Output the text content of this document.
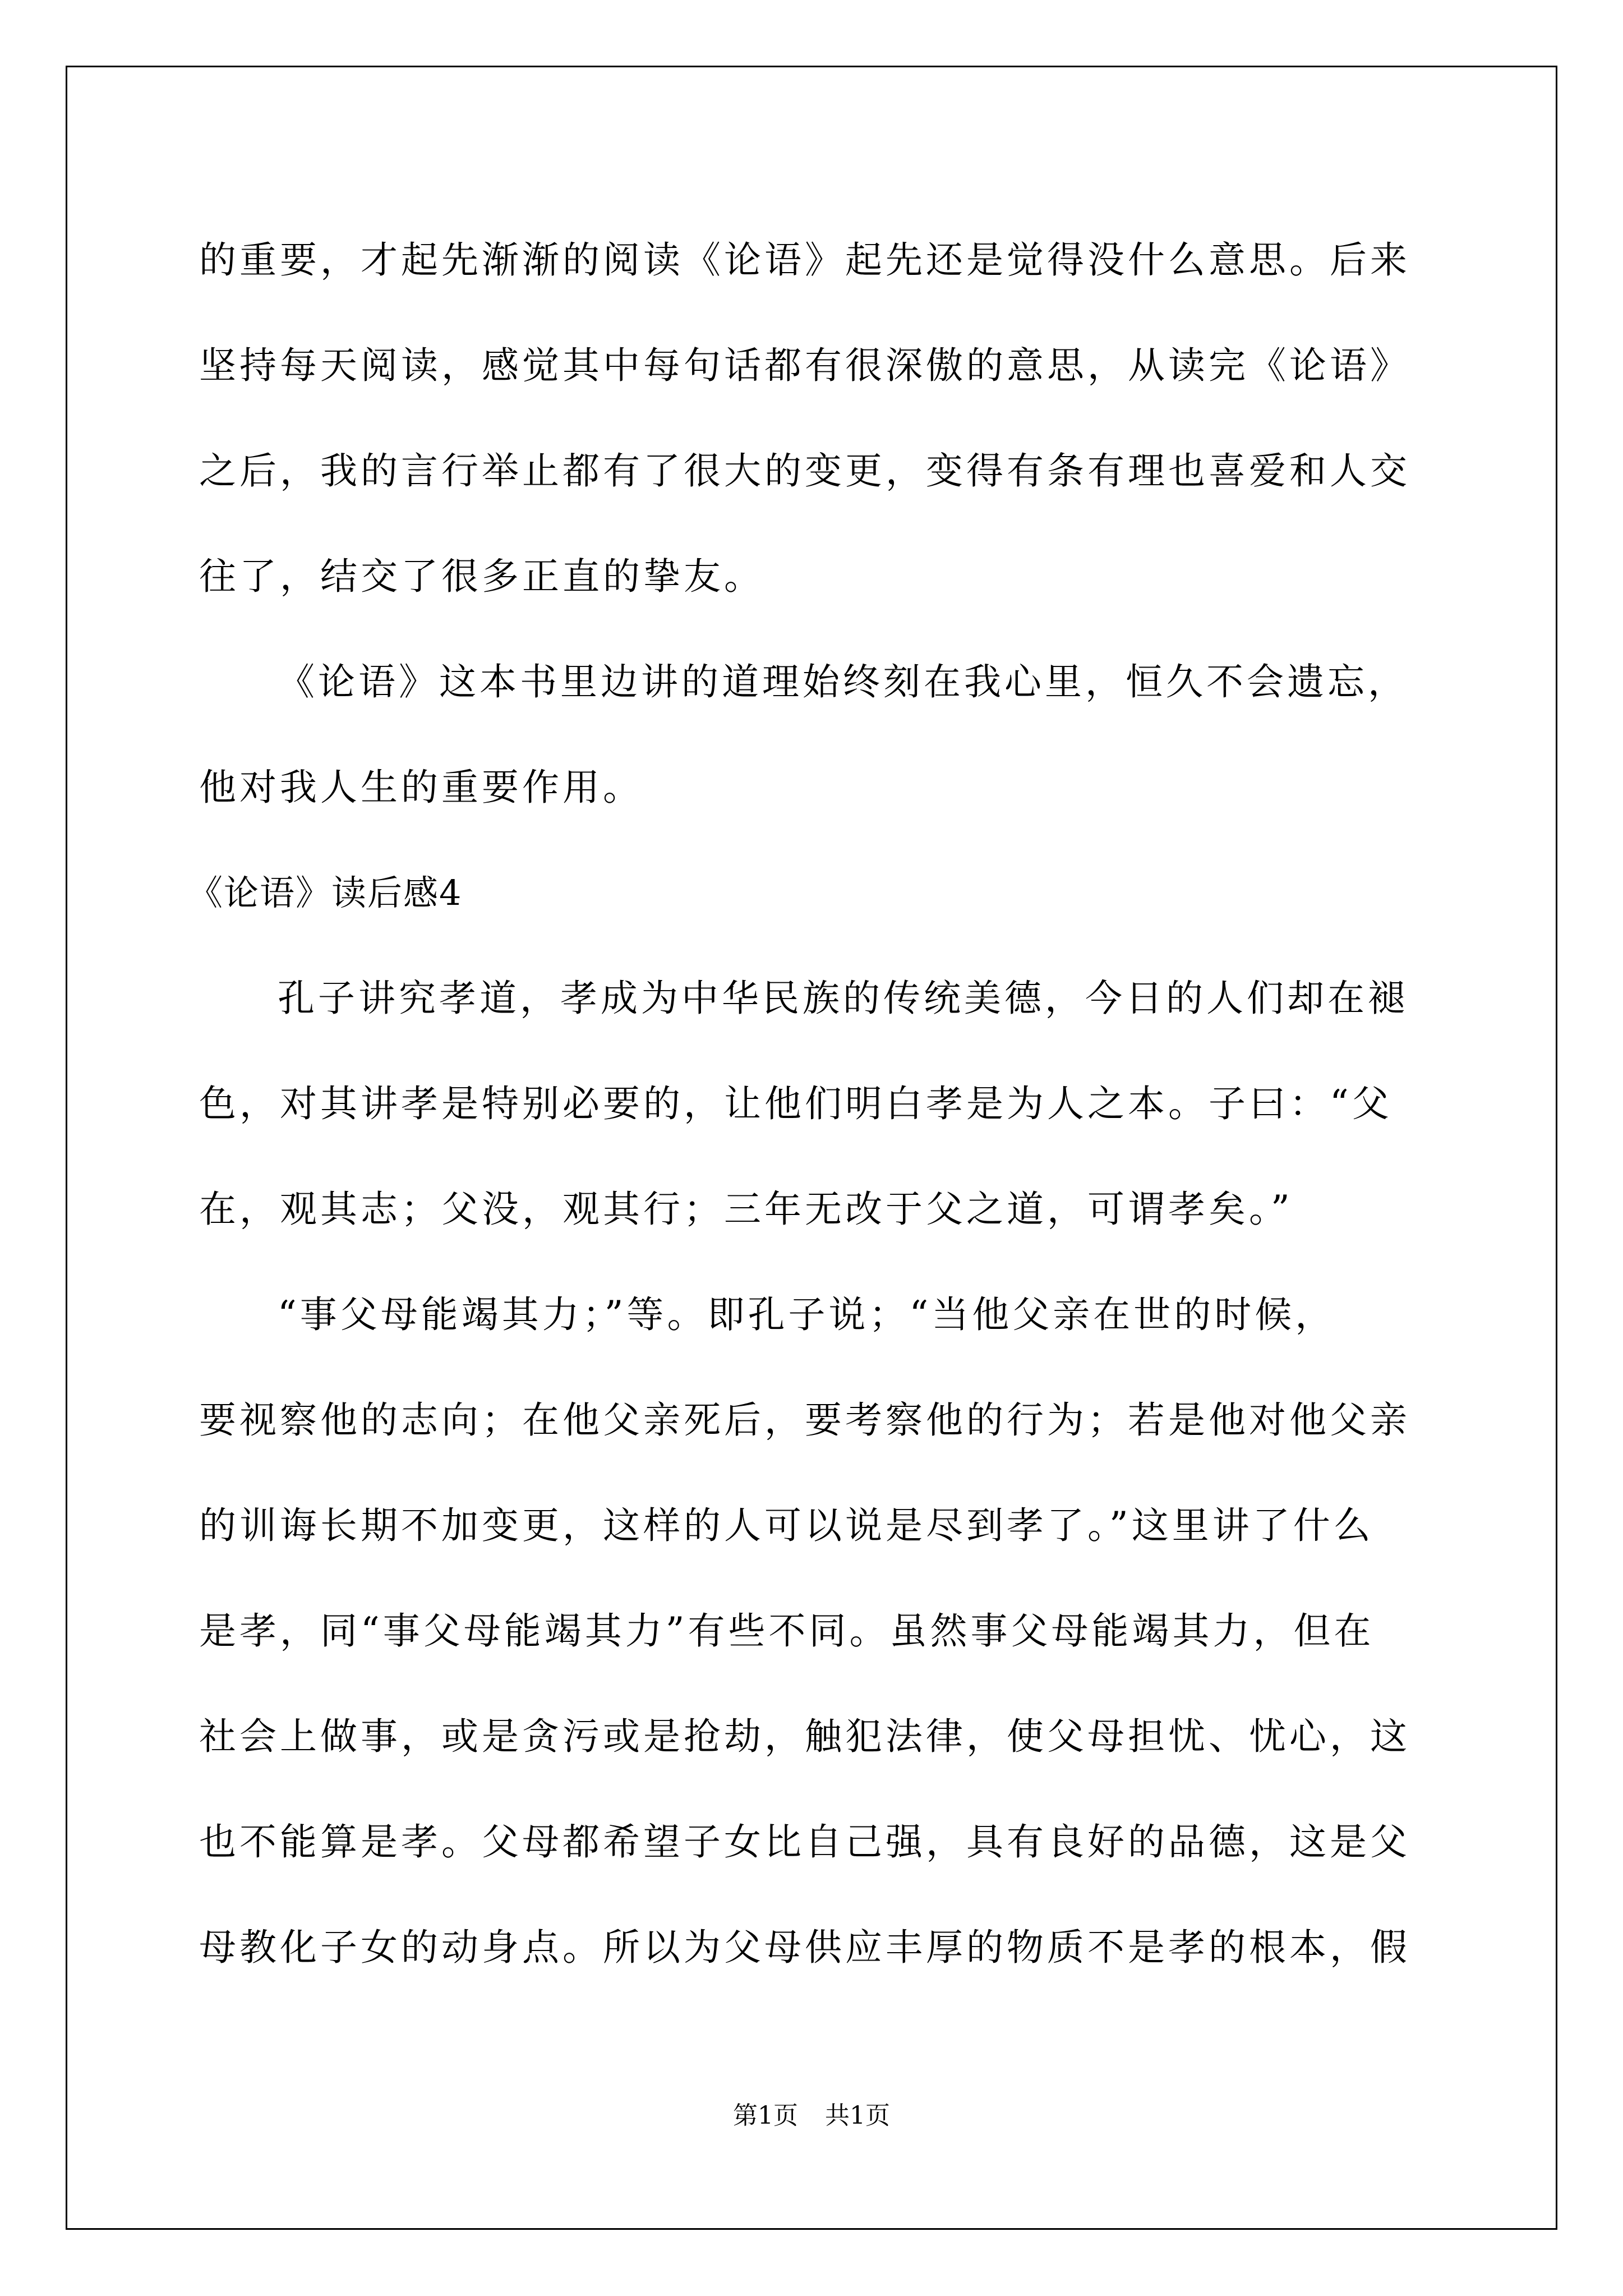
的重要，才起先渐渐的阅读《论语》起先还是觉得没什么意思。后来
坚持每天阅读，感觉其中每句话都有很深傲的意思，从读完《论语》
之后，我的言行举止都有了很大的变更，变得有条有理也喜爱和人交
往了，结交了很多正直的挚友。
《论语》这本书里边讲的道理始终刻在我心里，恒久不会遗忘，
他对我人生的重要作用。
《论语》读后感4
孔子讲究孝道，孝成为中华民族的传统美德，今日的人们却在褪
色，对其讲孝是特别必要的，让他们明白孝是为人之本。子曰：“父
在，观其志；父没，观其行；三年无改于父之道，可谓孝矣。”
“事父母能竭其力；”等。即孔子说；“当他父亲在世的时候，
要视察他的志向；在他父亲死后，要考察他的行为；若是他对他父亲
的训诲长期不加变更，这样的人可以说是尽到孝了。”这里讲了什么
是孝，同“事父母能竭其力”有些不同。虽然事父母能竭其力，但在
社会上做事，或是贪污或是抢劫，触犯法律，使父母担忧、忧心，这
也不能算是孝。父母都希望子女比自己强，具有良好的品德，这是父
母教化子女的动身点。所以为父母供应丰厚的物质不是孝的根本，假
第1页 共1页
